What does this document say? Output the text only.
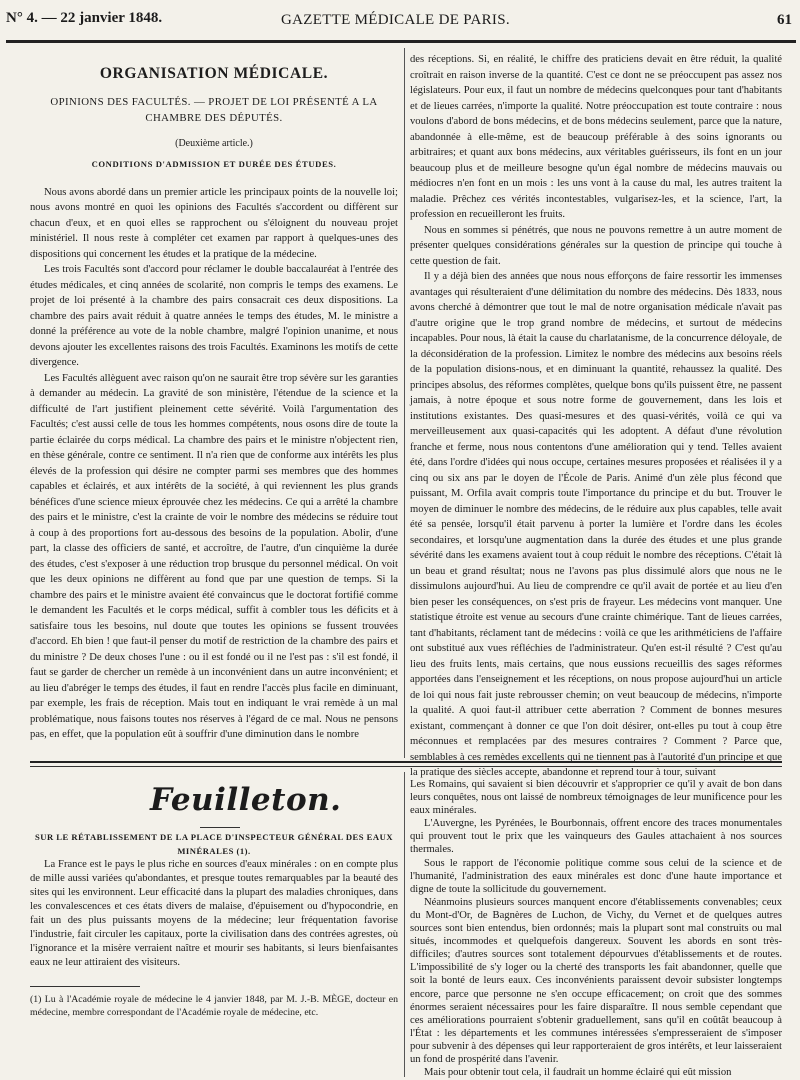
N° 4. — 22 janvier 1848.	GAZETTE MÉDICALE DE PARIS.	61
ORGANISATION MÉDICALE.
OPINIONS DES FACULTÉS. — PROJET DE LOI PRÉSENTÉ A LA CHAMBRE DES DÉPUTÉS.
(Deuxième article.)
CONDITIONS D'ADMISSION ET DURÉE DES ÉTUDES.

Nous avons abordé dans un premier article les principaux points de la nouvelle loi; nous avons montré en quoi les opinions des Facultés s'accordent ou diffèrent sur chacun d'eux, et en quoi elles se rapprochent ou s'éloignent du nouveau projet ministériel. Il nous reste à compléter cet examen par rapport à quelques-unes des dispositions qui concernent les études et la pratique de la médecine.

Les trois Facultés sont d'accord pour réclamer le double baccalauréat à l'entrée des études médicales, et cinq années de scolarité, non compris le temps des examens. Le projet de loi présenté à la chambre des pairs consacrait ces deux dispositions. La chambre des pairs avait réduit à quatre années le temps des études, M. le ministre a donné la préférence au vote de la noble chambre, malgré l'opinion unanime, et nous devons ajouter les excellentes raisons des trois Facultés. Examinons les motifs de cette divergence.

Les Facultés allèguent avec raison qu'on ne saurait être trop sévère sur les garanties à demander au médecin. La gravité de son ministère, l'étendue de la science et la difficulté de l'art justifient pleinement cette sévérité. Voilà l'argumentation des Facultés; c'est aussi celle de tous les hommes compétents, nous osons dire de toute la partie éclairée du corps médical. La chambre des pairs et le ministre n'objectent rien, en thèse générale, contre ce sentiment. Il n'a rien que de conforme aux intérêts les plus élevés de la profession qui désire ne compter parmi ses membres que des hommes capables et éclairés, et aux intérêts de la société, à qui reviennent les plus grands bénéfices d'une science mieux éprouvée chez les médecins. Ce qui a arrêté la chambre des pairs et le ministre, c'est la crainte de voir le nombre des médecins se réduire tout à coup à des proportions fort au-dessous des besoins de la population. Abolir, d'une part, la classe des officiers de santé, et accroître, de l'autre, d'un cinquième la durée des études, c'est s'exposer à une réduction trop brusque du personnel médical. On voit que les deux opinions ne diffèrent au fond que par une question de temps. Si la chambre des pairs et le ministre avaient été convaincus que le doctorat fortifié comme le demandent les Facultés et le corps médical, suffit à combler tous les déficits et à satisfaire tous les besoins, nul doute que toutes les opinions se fussent trouvées d'accord. Eh bien ! que faut-il penser du motif de restriction de la chambre des pairs et du ministre ? De deux choses l'une : ou il est fondé ou il ne l'est pas : s'il est fondé, il faut se garder de chercher un remède à un inconvénient dans un autre inconvénient; et au lieu d'abréger le temps des études, il faut en rendre l'accès plus facile en diminuant, par exemple, les frais de réception. Mais tout en indiquant le vrai remède à un mal problématique, nous faisons toutes nos réserves à l'égard de ce mal. Nous ne pensons pas, en effet, que la population eût à souffrir d'une diminution dans le nombre

des réceptions. Si, en réalité, le chiffre des praticiens devait en être réduit, la qualité croîtrait en raison inverse de la quantité. C'est ce dont ne se préoccupent pas assez nos législateurs. Pour eux, il faut un nombre de médecins quelconques pour tant d'habitants et de lieues carrées, n'importe la qualité. Notre préoccupation est toute contraire : nous voulons d'abord de bons médecins, et de bons médecins seulement, parce que la nature, abandonnée à elle-même, est de beaucoup préférable à des soins ignorants ou arbitraires; et quant aux bons médecins, aux véritables guérisseurs, ils font en un jour beaucoup plus et de meilleure besogne qu'un égal nombre de médecins mauvais ou médiocres n'en font en un mois : les uns vont à la cause du mal, les autres traitent la maladie. Prêchez ces vérités incontestables, vulgarisez-les, et la science, l'art, la profession en recueilleront les fruits.

Nous en sommes si pénétrés, que nous ne pouvons remettre à un autre moment de présenter quelques considérations générales sur la question de principe qui touche à cette question de fait.

Il y a déjà bien des années que nous nous efforçons de faire ressortir les immenses avantages qui résulteraient d'une délimitation du nombre des médecins. Dès 1833, nous avons cherché à démontrer que tout le mal de notre organisation médicale n'avait pas d'autre origine que le trop grand nombre de médecins, et surtout de médecins incapables. Pour nous, là était la cause du charlatanisme, de la concurrence déloyale, de la déconsidération de la profession. Limitez le nombre des médecins aux besoins réels de la population disions-nous, et en diminuant la quantité, rehaussez la qualité. Des principes absolus, des réformes complètes, quelque bons qu'ils puissent être, ne passent jamais, à notre époque et sous notre forme de gouvernement, dans les lois et institutions existantes. Des quasi-mesures et des quasi-vérités, voilà ce qui va merveilleusement aux quasi-capacités qui les adoptent. A défaut d'une révolution franche et ferme, nous nous contentons d'une amélioration qui y tend. Telles avaient été, dans l'ordre d'idées qui nous occupe, certaines mesures proposées et réalisées il y a cinq ou six ans par le doyen de l'École de Paris. Animé d'un zèle plus fécond que puissant, M. Orfila avait compris toute l'importance du principe et du but. Trouver le moyen de diminuer le nombre des médecins, de le réduire aux plus capables, telle avait été sa pensée, lorsqu'il était parvenu à porter la lumière et l'ordre dans les écoles secondaires, et lorsqu'une augmentation dans la durée des études et une plus grande sévérité dans les examens avaient tout à coup réduit le nombre des réceptions. C'était là un beau et grand résultat; nous ne l'avons pas plus dissimulé alors que nous ne le dissimulons aujourd'hui. Au lieu de comprendre ce qu'il avait de portée et au lieu d'en bien peser les conséquences, on s'est pris de frayeur. Les médecins vont manquer. Une statistique étroite est venue au secours d'une crainte chimérique. Tant de lieues carrées, tant d'habitants, réclament tant de médecins : voilà ce que les arithméticiens de l'affaire ont substitué aux vues réfléchies de l'administrateur. Qu'en est-il résulté ? C'est qu'au lieu des fruits lents, mais certains, que nous eussions recueillis des sages réformes apportées dans l'enseignement et les réceptions, on nous propose aujourd'hui un article de loi qui nous fait juste rebrousser chemin; on veut beaucoup de médecins, n'importe la qualité. A quoi faut-il attribuer cette aberration ? Comment de bonnes mesures existant, commençant à donner ce que l'on doit désirer, ont-elles pu tout à coup être méconnues et remplacées par des mesures contraires ? Comment ? Parce que, semblables à ces remèdes excellents qui ne tiennent pas à l'autorité d'un principe et que la pratique des siècles accepte, abandonne et reprend tour à tour, suivant

Feuilleton.

SUR LE RÉTABLISSEMENT DE LA PLACE D'INSPECTEUR GÉNÉRAL DES EAUX MINÉRALES (1).

La France est le pays le plus riche en sources d'eaux minérales : on en compte plus de mille aussi variées qu'abondantes, et presque toutes remarquables par la beauté des sites qui les environnent. Leur efficacité dans la plupart des maladies chroniques, dans les convalescences et ces états divers de malaise, d'épuisement ou d'hypocondrie, en fait un des plus puissants moyens de la médecine; leur fréquentation favorise l'industrie, fait circuler les capitaux, porte la civilisation dans des contrées agrestes, où l'ignorance et la misère verraient naître et mourir ses habitants, si leurs bienfaisantes eaux ne leur attiraient des visiteurs.

(1) Lu à l'Académie royale de médecine le 4 janvier 1848, par M. J.-B. MÈGE, docteur en médecine, membre correspondant de l'Académie royale de médecine, etc.

Les Romains, qui savaient si bien découvrir et s'approprier ce qu'il y avait de bon dans leurs conquêtes, nous ont laissé de nombreux témoignages de leur munificence pour les eaux minérales.

L'Auvergne, les Pyrénées, le Bourbonnais, offrent encore des traces monumentales qui prouvent tout le prix que les vainqueurs des Gaules attachaient à nos sources thermales.

Sous le rapport de l'économie politique comme sous celui de la science et de l'humanité, l'administration des eaux minérales est donc d'une haute importance et digne de toute la sollicitude du gouvernement.

Néanmoins plusieurs sources manquent encore d'établissements convenables; ceux du Mont-d'Or, de Bagnères de Luchon, de Vichy, du Vernet et de quelques autres sources sont bien entendus, bien ordonnés; mais la plupart sont mal construits ou mal situés, incommodes et quelquefois dangereux. Souvent les abords en sont très-difficiles; d'autres sources sont totalement dépourvues d'établissements et de routes. L'impossibilité de s'y loger ou la cherté des transports les fait abandonner, quelle que soit la bonté de leurs eaux. Ces inconvénients paraissent devoir subsister longtemps encore, parce que personne ne s'en occupe efficacement; on croit que des sommes énormes seraient nécessaires pour les faire disparaître. Il nous semble cependant que ces améliorations pourraient s'obtenir graduellement, sans qu'il en coûtât beaucoup à l'État : les départements et les communes intéressées s'empresseraient de s'imposer pour subvenir à des dépenses qui leur rapporteraient de gros intérêts, et leur laisseraient un fond de prospérité dans l'avenir.

Mais pour obtenir tout cela, il faudrait un homme éclairé qui eût mission
